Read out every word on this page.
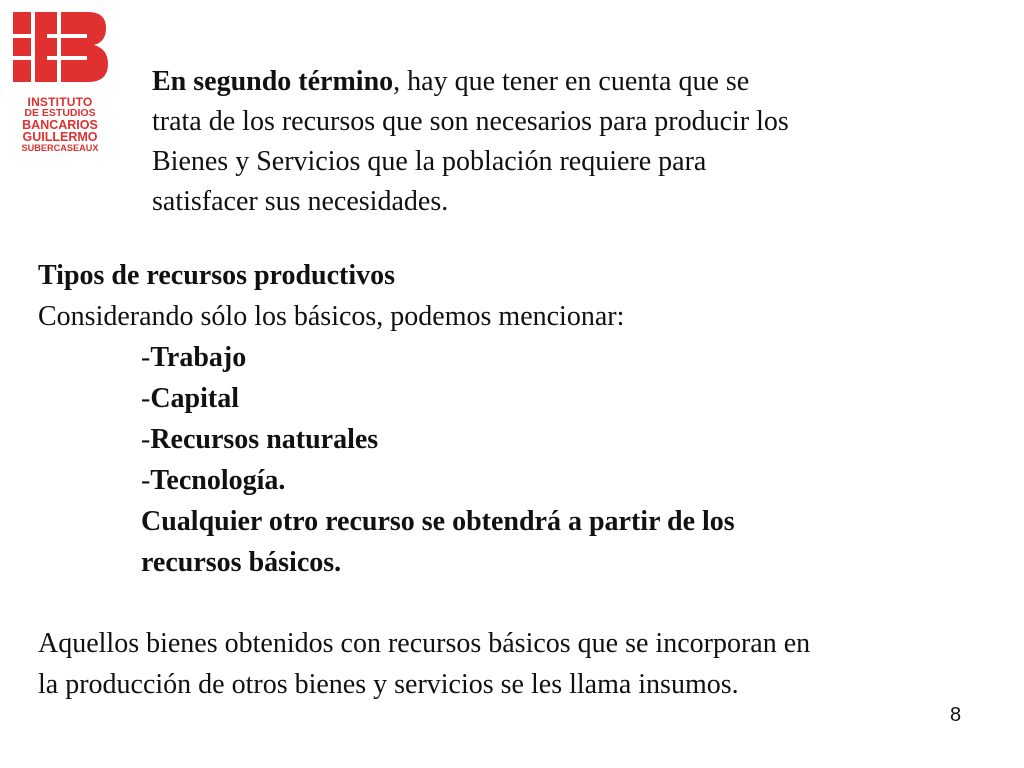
INSTITUTO
DE ESTUDIOS
BANCARIOS
GUILLERMO
SUBERCASEAUX
En segundo término, hay que tener en cuenta que se
trata de los recursos que son necesarios para producir los
Bienes y Servicios que la población requiere para
satisfacer sus necesidades.
Tipos de recursos productivos
Considerando sólo los básicos, podemos mencionar:
-Trabajo
-Capital
-Recursos naturales
-Tecnología.
Cualquier otro recurso se obtendrá a partir de los
recursos básicos.
Aquellos bienes obtenidos con recursos básicos que se incorporan en
la producción de otros bienes y servicios se les llama insumos.
8
